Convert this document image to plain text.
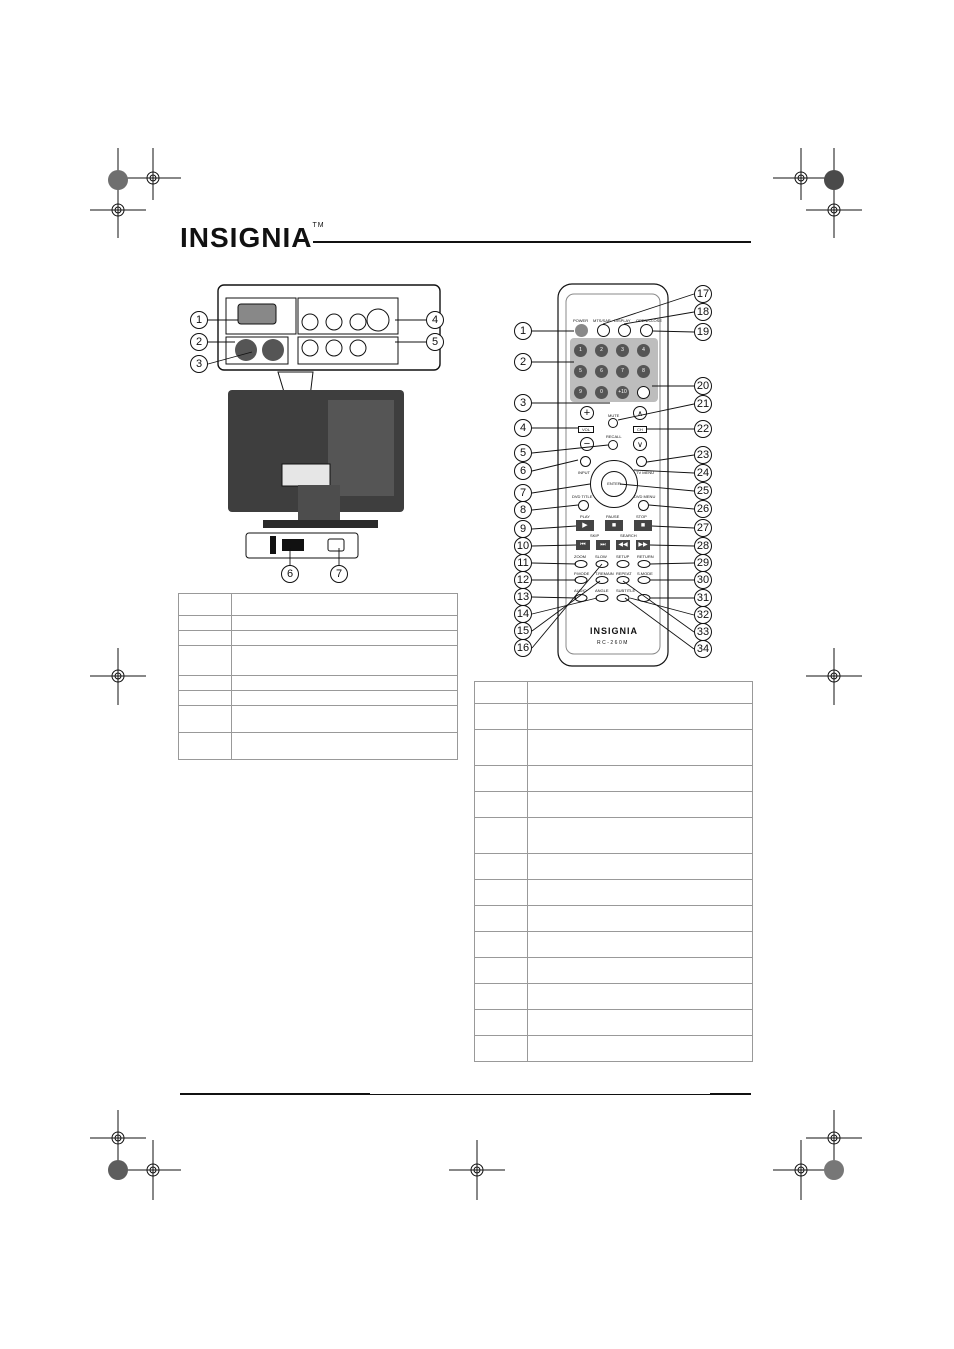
INSIGNIA™
1
2
3
4
5
6	7

POWER MTS/SAP DISPLAY OPEN/CLOSE
1	2	3	4
5	6	7	8
9	0	+10
+
VOL
−
∧
CH
∨
MUTE
RECALL
INPUT	TV MENU
ENTER
DVD TITLE	DVD MENU
PLAY	PAUSE	STOP
▶	■	■
SKIP	SEARCH
⏮	⏭	◀◀	▶▶
ZOOM	SLOW	SETUP	RETURN
P.MODE	T.REMAIN REPEAT	S.MODE
AUDIO	ANGLE	SUBTITLE
INSIGNIA
RC-260M
1
2
3
4
5
6
7
8
9
10
11
12
13
14
15
16
17
18
19
20
21
22
23
24
25
26
27
28
29
30
31
32
33
34
